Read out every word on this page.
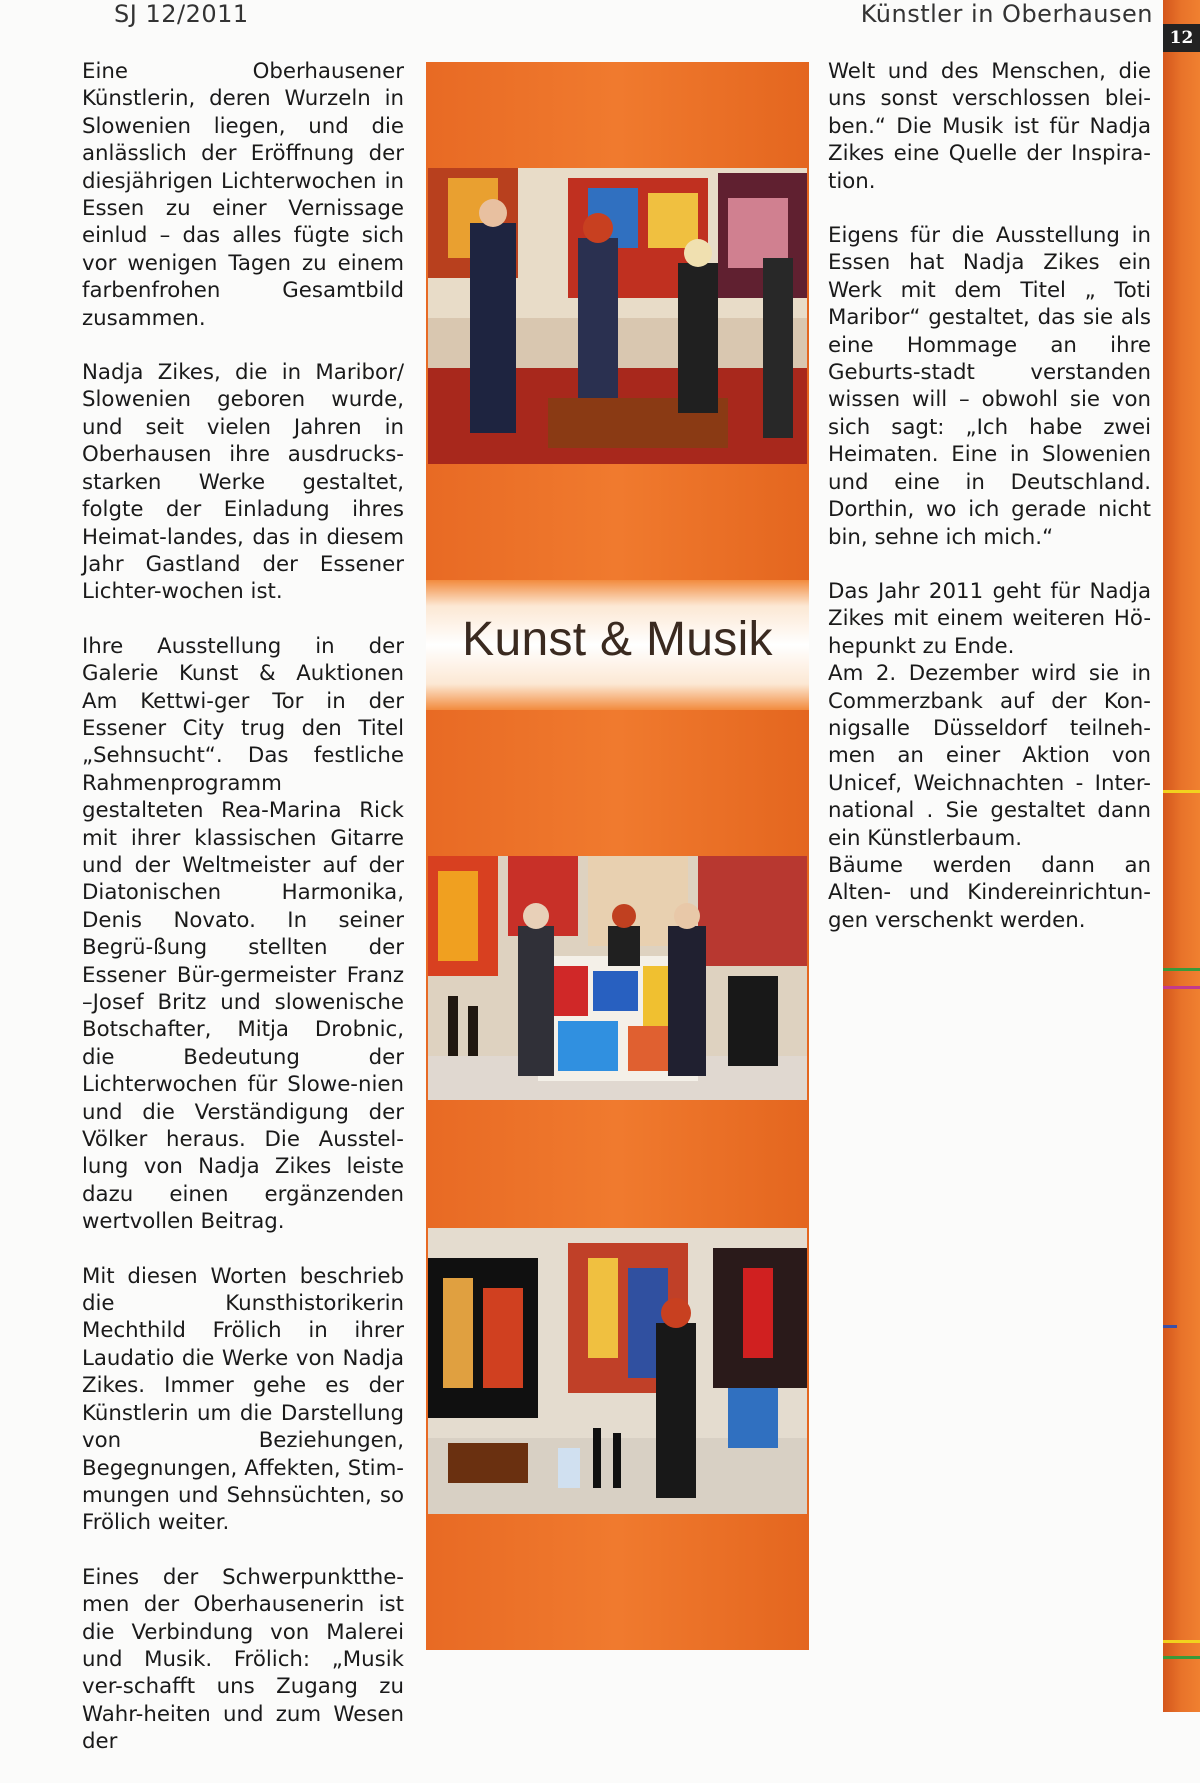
SJ 12/2011	Künstler in Oberhausen

Eine Oberhausener Künstlerin, deren Wurzeln in Slowenien liegen, und die anlässlich der Eröffnung der diesjährigen Lichterwochen in Essen zu einer Vernissage einlud – das alles fügte sich vor wenigen Tagen zu einem farbenfrohen Gesamtbild zusammen.

Nadja Zikes, die in Maribor/ Slowenien geboren wurde, und seit vielen Jahren in Oberhausen ihre ausdrucks-starken Werke gestaltet, folgte der Einladung ihres Heimat-landes, das in diesem Jahr Gastland der Essener Lichter-wochen ist.

Ihre Ausstellung in der Galerie Kunst & Auktionen Am Kettwi-ger Tor in der Essener City trug den Titel „Sehnsucht“. Das festliche Rahmenprogramm gestalteten Rea-Marina Rick mit ihrer klassischen Gitarre und der Weltmeister auf der Diatonischen Harmonika, Denis Novato. In seiner Begrü-ßung stellten der Essener Bür-germeister Franz –Josef Britz und slowenische Botschafter, Mitja Drobnic, die Bedeutung der Lichterwochen für Slowe-nien und die Verständigung der Völker heraus. Die Ausstel-lung von Nadja Zikes leiste dazu einen ergänzenden wertvollen Beitrag.

Mit diesen Worten beschrieb die Kunsthistorikerin Mechthild Frölich in ihrer Laudatio die Werke von Nadja Zikes. Immer gehe es der Künstlerin um die Darstellung von Beziehungen, Begegnungen, Affekten, Stim-mungen und Sehnsüchten, so Frölich weiter.

Eines der Schwerpunktthe-men der Oberhausenerin ist die Verbindung von Malerei und Musik. Frölich: „Musik ver-schafft uns Zugang zu Wahr-heiten und zum Wesen der

Kunst & Musik

Welt und des Menschen, die uns sonst verschlossen blei-ben.“ Die Musik ist für Nadja Zikes eine Quelle der Inspira-tion.

Eigens für die Ausstellung in Essen hat Nadja Zikes ein Werk mit dem Titel „ Toti Maribor“ gestaltet, das sie als eine Hommage an ihre Geburts-stadt verstanden wissen will – obwohl sie von sich sagt: „Ich habe zwei Heimaten. Eine in Slowenien und eine in Deutschland. Dorthin, wo ich gerade nicht bin, sehne ich mich.“

Das Jahr 2011 geht für Nadja Zikes mit einem weiteren Hö-hepunkt zu Ende.

Am 2. Dezember wird sie in Commerzbank auf der Kon-nigsalle Düsseldorf teilneh-men an einer Aktion von Unicef, Weichnachten - Inter-national . Sie gestaltet dann ein Künstlerbaum.

Bäume werden dann an Alten- und Kindereinrichtun-gen verschenkt werden.

12
